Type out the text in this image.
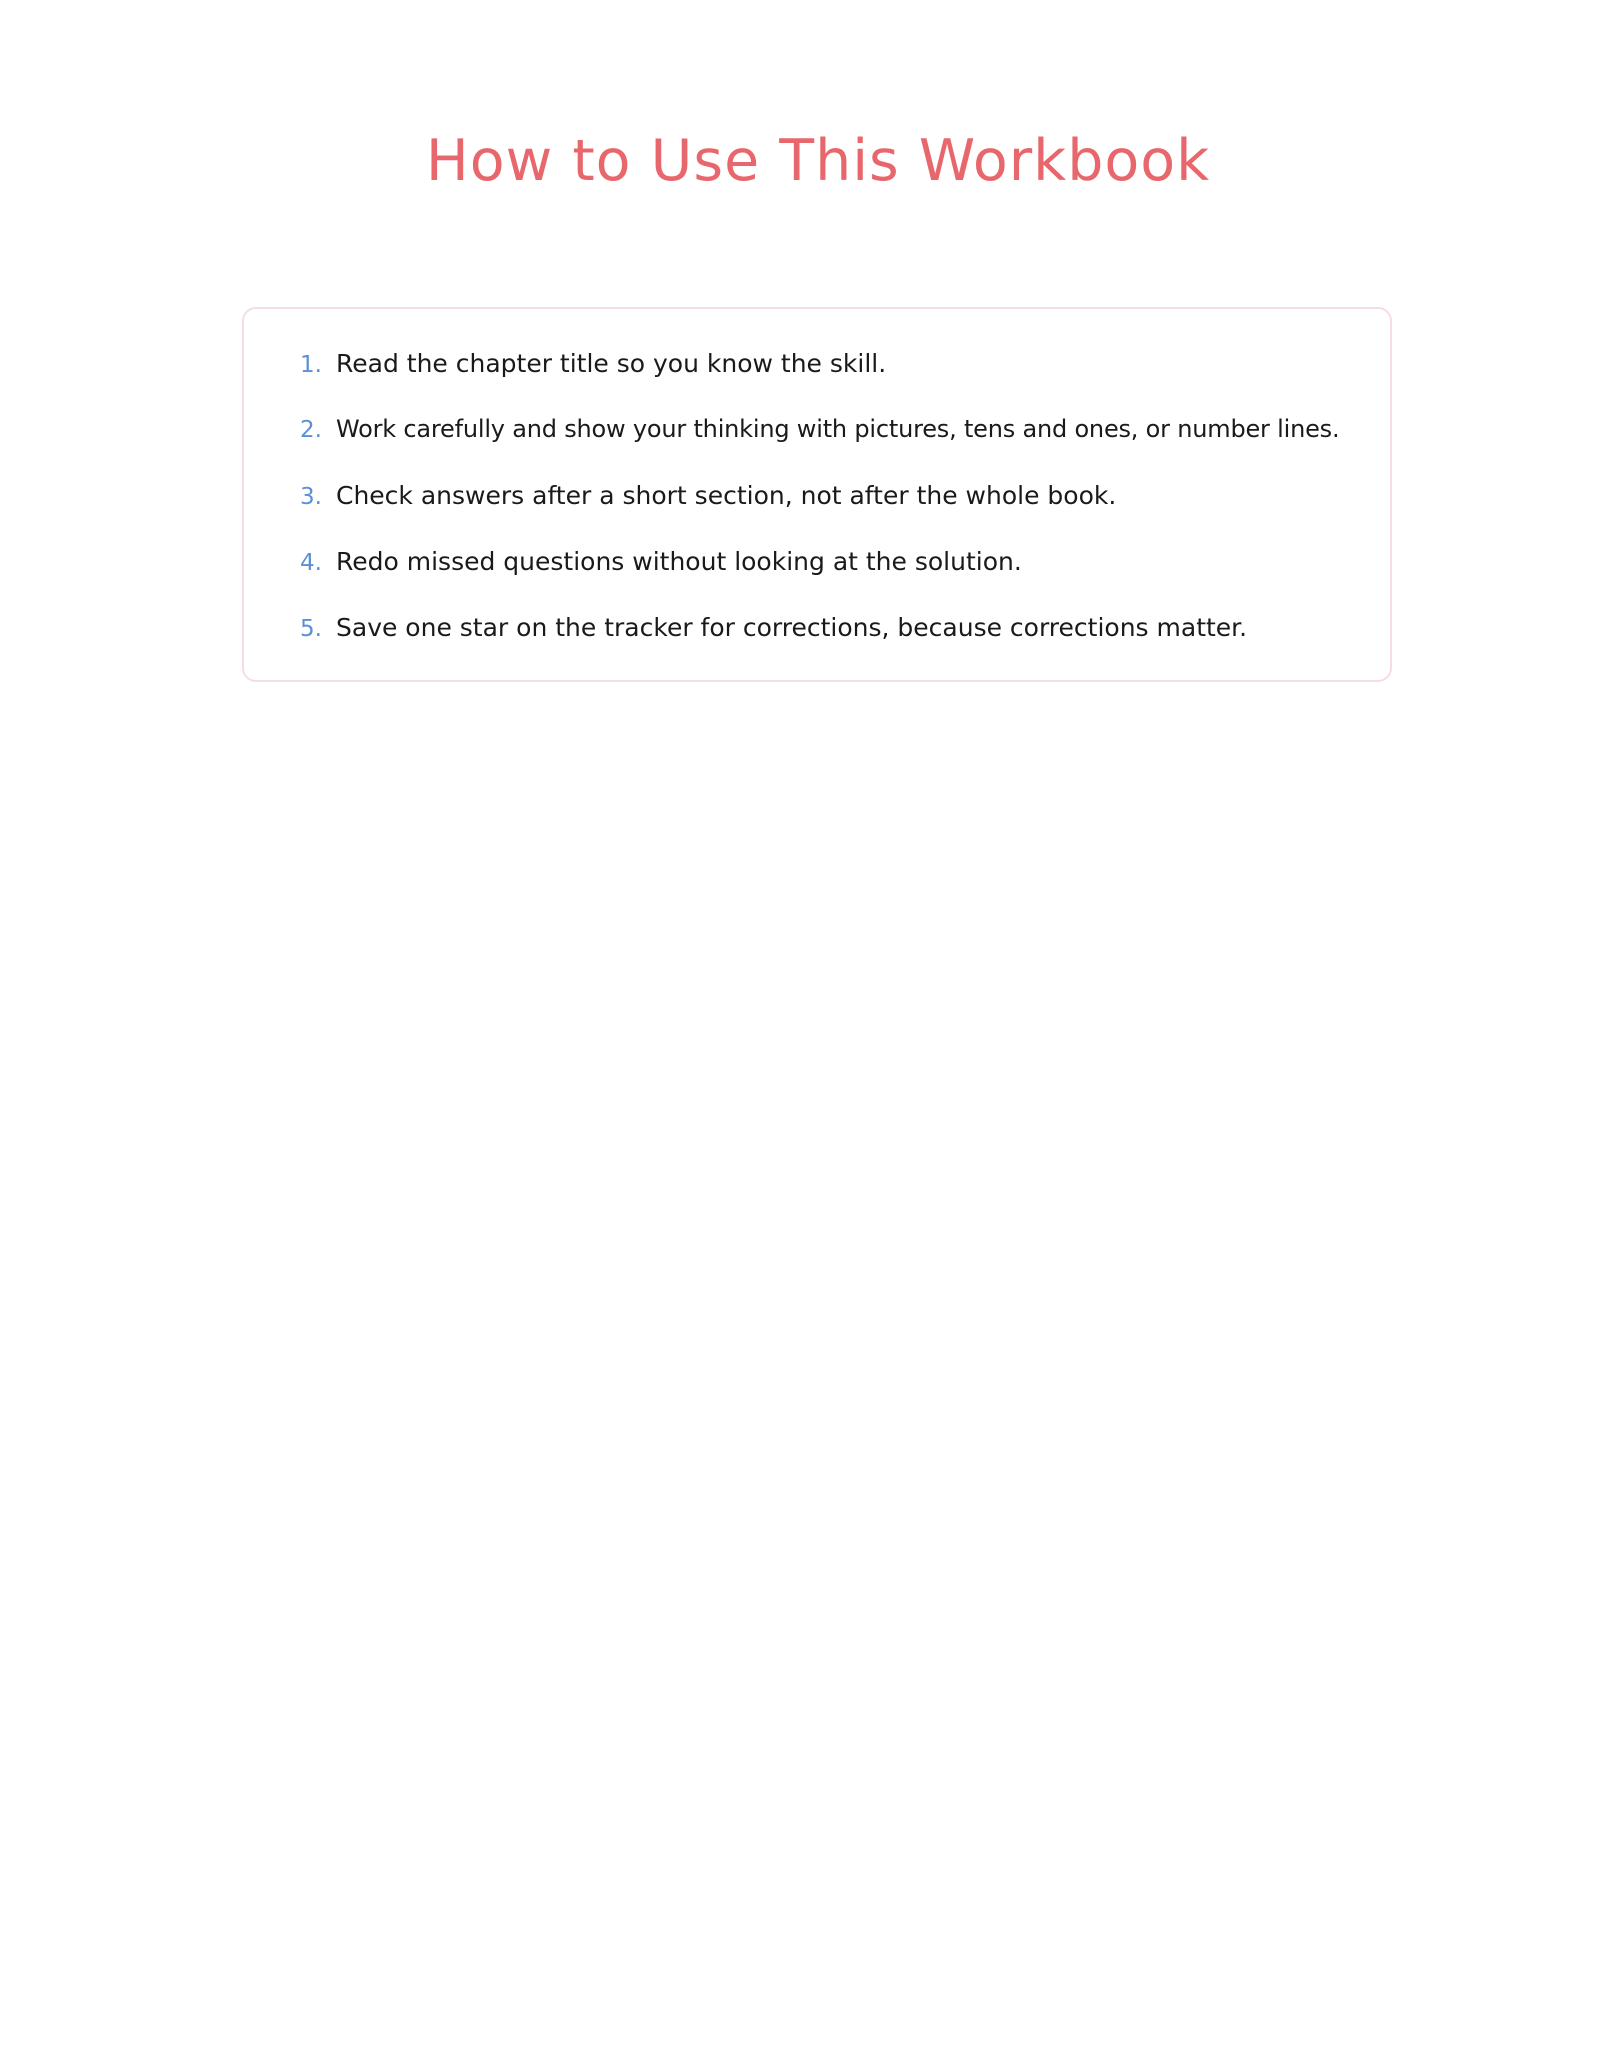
How to Use This Workbook
1. Read the chapter title so you know the skill.
2. Work carefully and show your thinking with pictures, tens and ones, or number lines.
3. Check answers after a short section, not after the whole book.
4. Redo missed questions without looking at the solution.
5. Save one star on the tracker for corrections, because corrections matter.
